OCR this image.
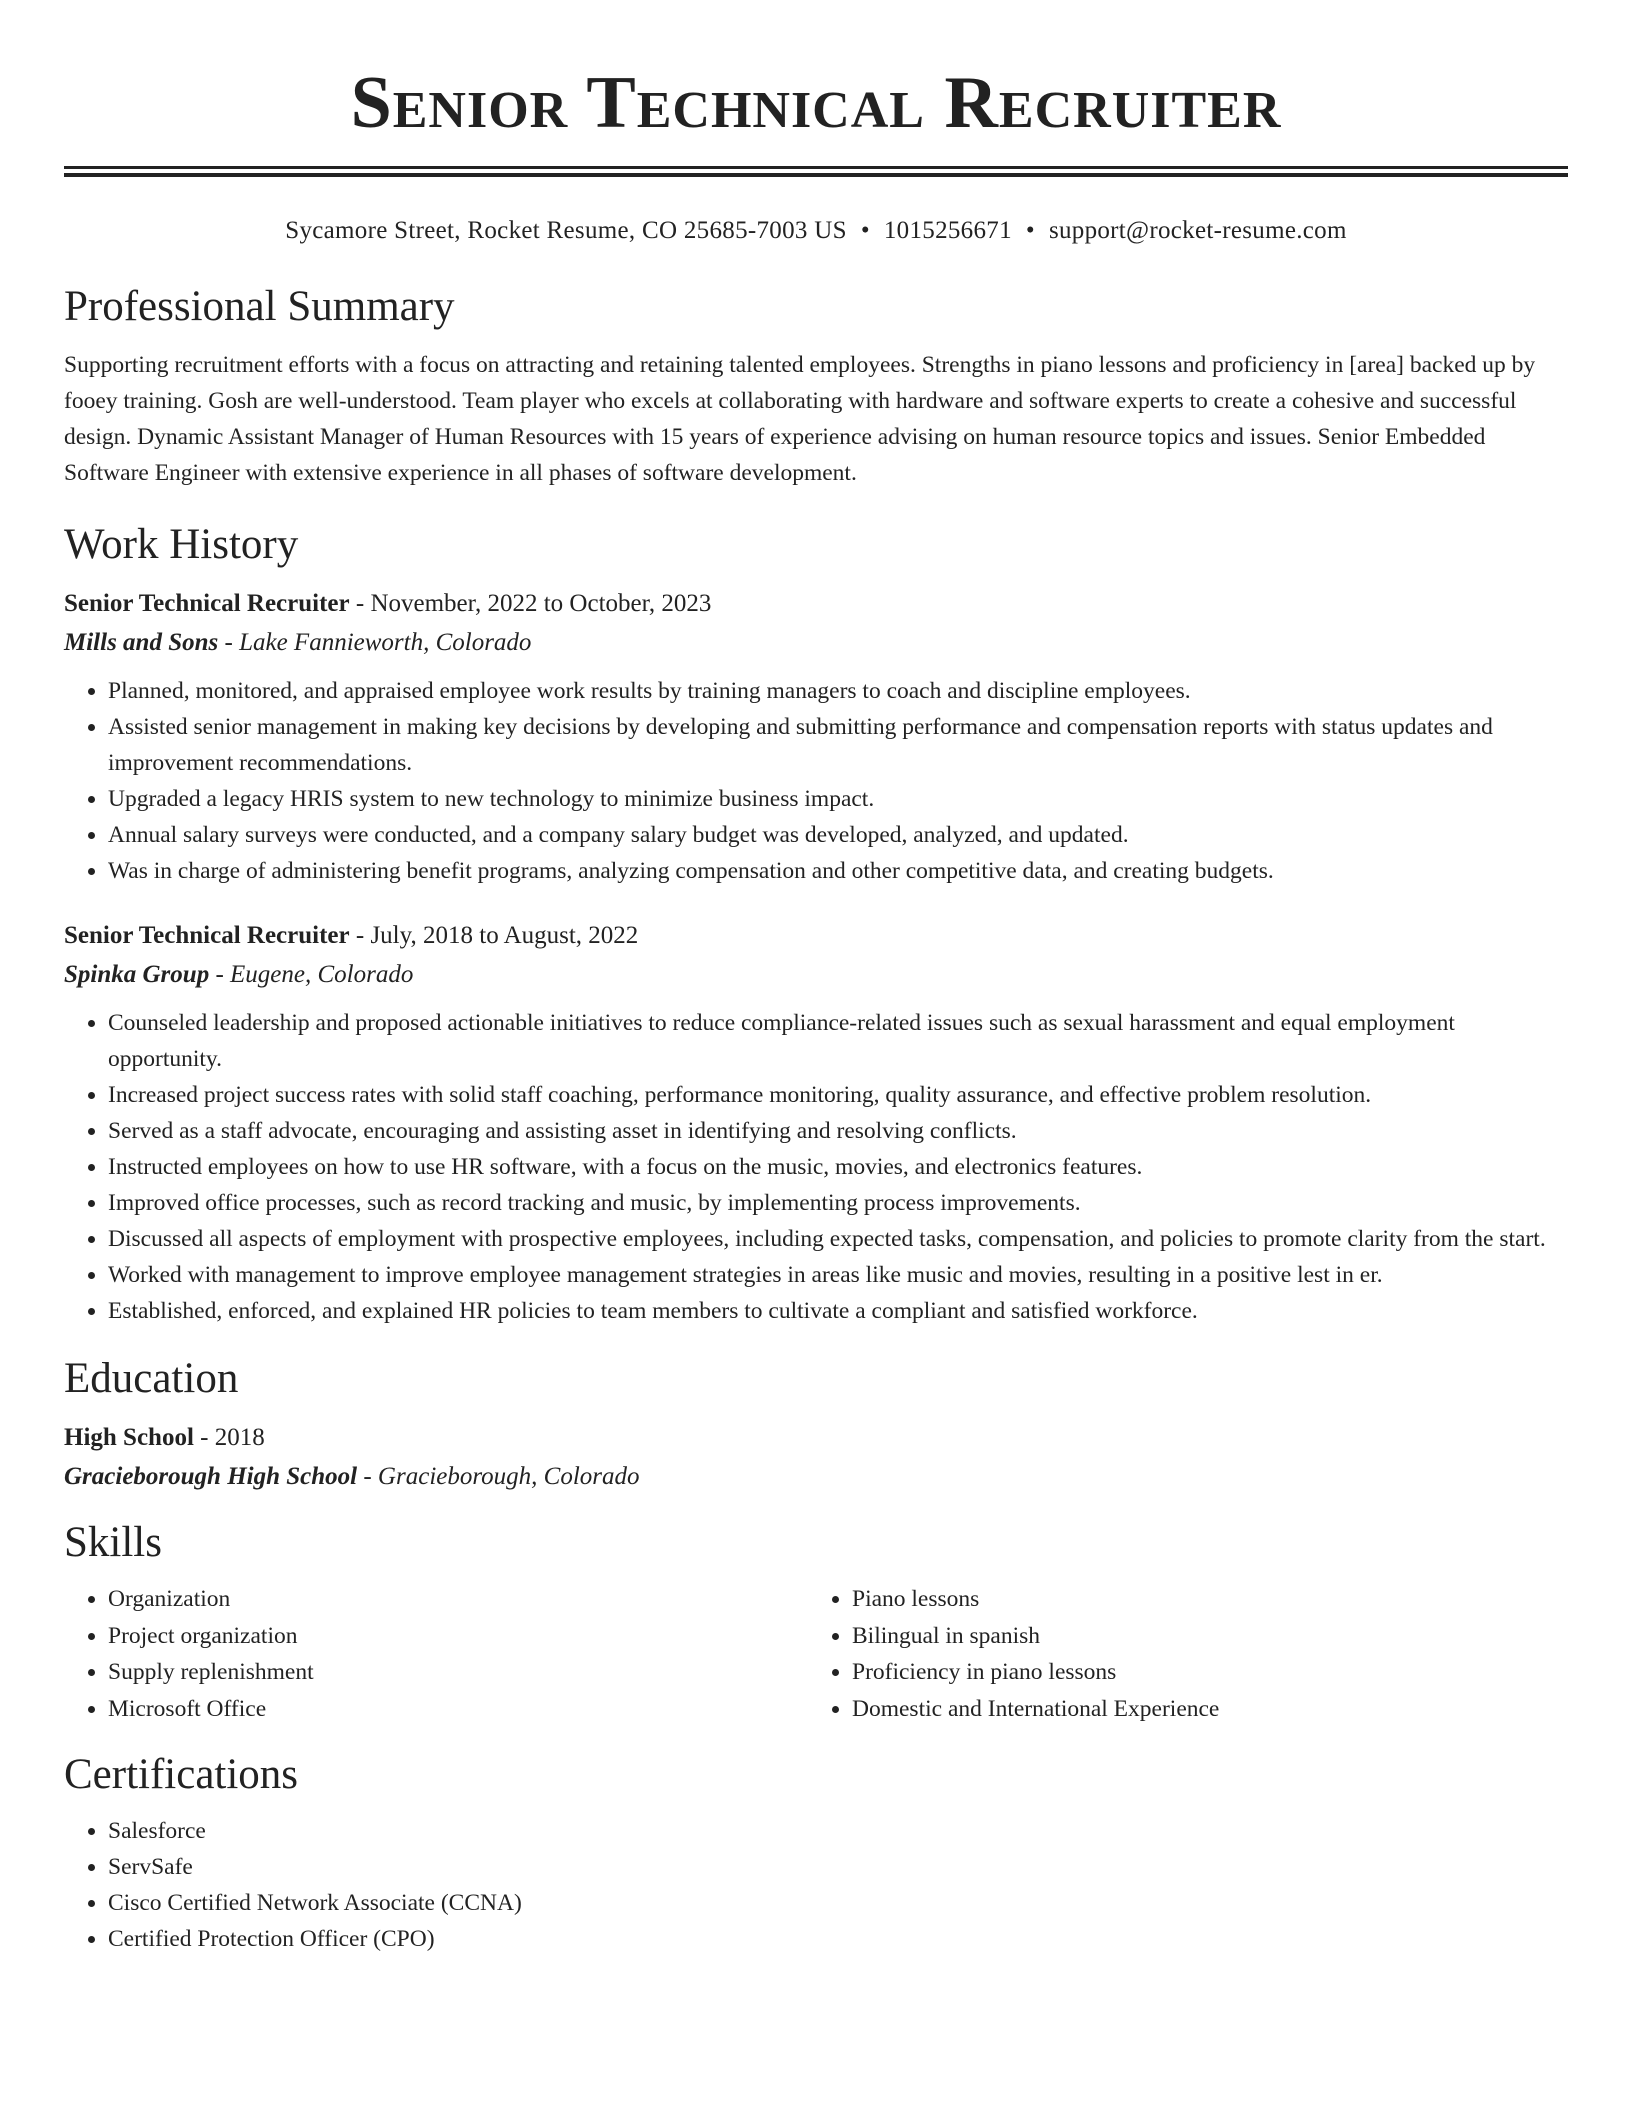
Senior Technical Recruiter
Sycamore Street, Rocket Resume, CO 25685-7003 US • 1015256671 • support@rocket-resume.com
Professional Summary

Supporting recruitment efforts with a focus on attracting and retaining talented employees. Strengths in piano lessons and proficiency in [area] backed up by fooey training. Gosh are well-understood. Team player who excels at collaborating with hardware and software experts to create a cohesive and successful design. Dynamic Assistant Manager of Human Resources with 15 years of experience advising on human resource topics and issues. Senior Embedded Software Engineer with extensive experience in all phases of software development.

Work History
Senior Technical Recruiter - November, 2022 to October, 2023
Mills and Sons - Lake Fannieworth, Colorado
• Planned, monitored, and appraised employee work results by training managers to coach and discipline employees.
• Assisted senior management in making key decisions by developing and submitting performance and compensation reports with status updates and improvement recommendations.
• Upgraded a legacy HRIS system to new technology to minimize business impact.
• Annual salary surveys were conducted, and a company salary budget was developed, analyzed, and updated.
• Was in charge of administering benefit programs, analyzing compensation and other competitive data, and creating budgets.
Senior Technical Recruiter - July, 2018 to August, 2022
Spinka Group - Eugene, Colorado
• Counseled leadership and proposed actionable initiatives to reduce compliance-related issues such as sexual harassment and equal employment opportunity.
• Increased project success rates with solid staff coaching, performance monitoring, quality assurance, and effective problem resolution.
• Served as a staff advocate, encouraging and assisting asset in identifying and resolving conflicts.
• Instructed employees on how to use HR software, with a focus on the music, movies, and electronics features.
• Improved office processes, such as record tracking and music, by implementing process improvements.
• Discussed all aspects of employment with prospective employees, including expected tasks, compensation, and policies to promote clarity from the start.
• Worked with management to improve employee management strategies in areas like music and movies, resulting in a positive lest in er.
• Established, enforced, and explained HR policies to team members to cultivate a compliant and satisfied workforce.
Education
High School - 2018
Gracieborough High School - Gracieborough, Colorado
Skills
• Organization
• Project organization
• Supply replenishment
• Microsoft Office
• Piano lessons
• Bilingual in spanish
• Proficiency in piano lessons
• Domestic and International Experience
Certifications
• Salesforce
• ServSafe
• Cisco Certified Network Associate (CCNA)
• Certified Protection Officer (CPO)
